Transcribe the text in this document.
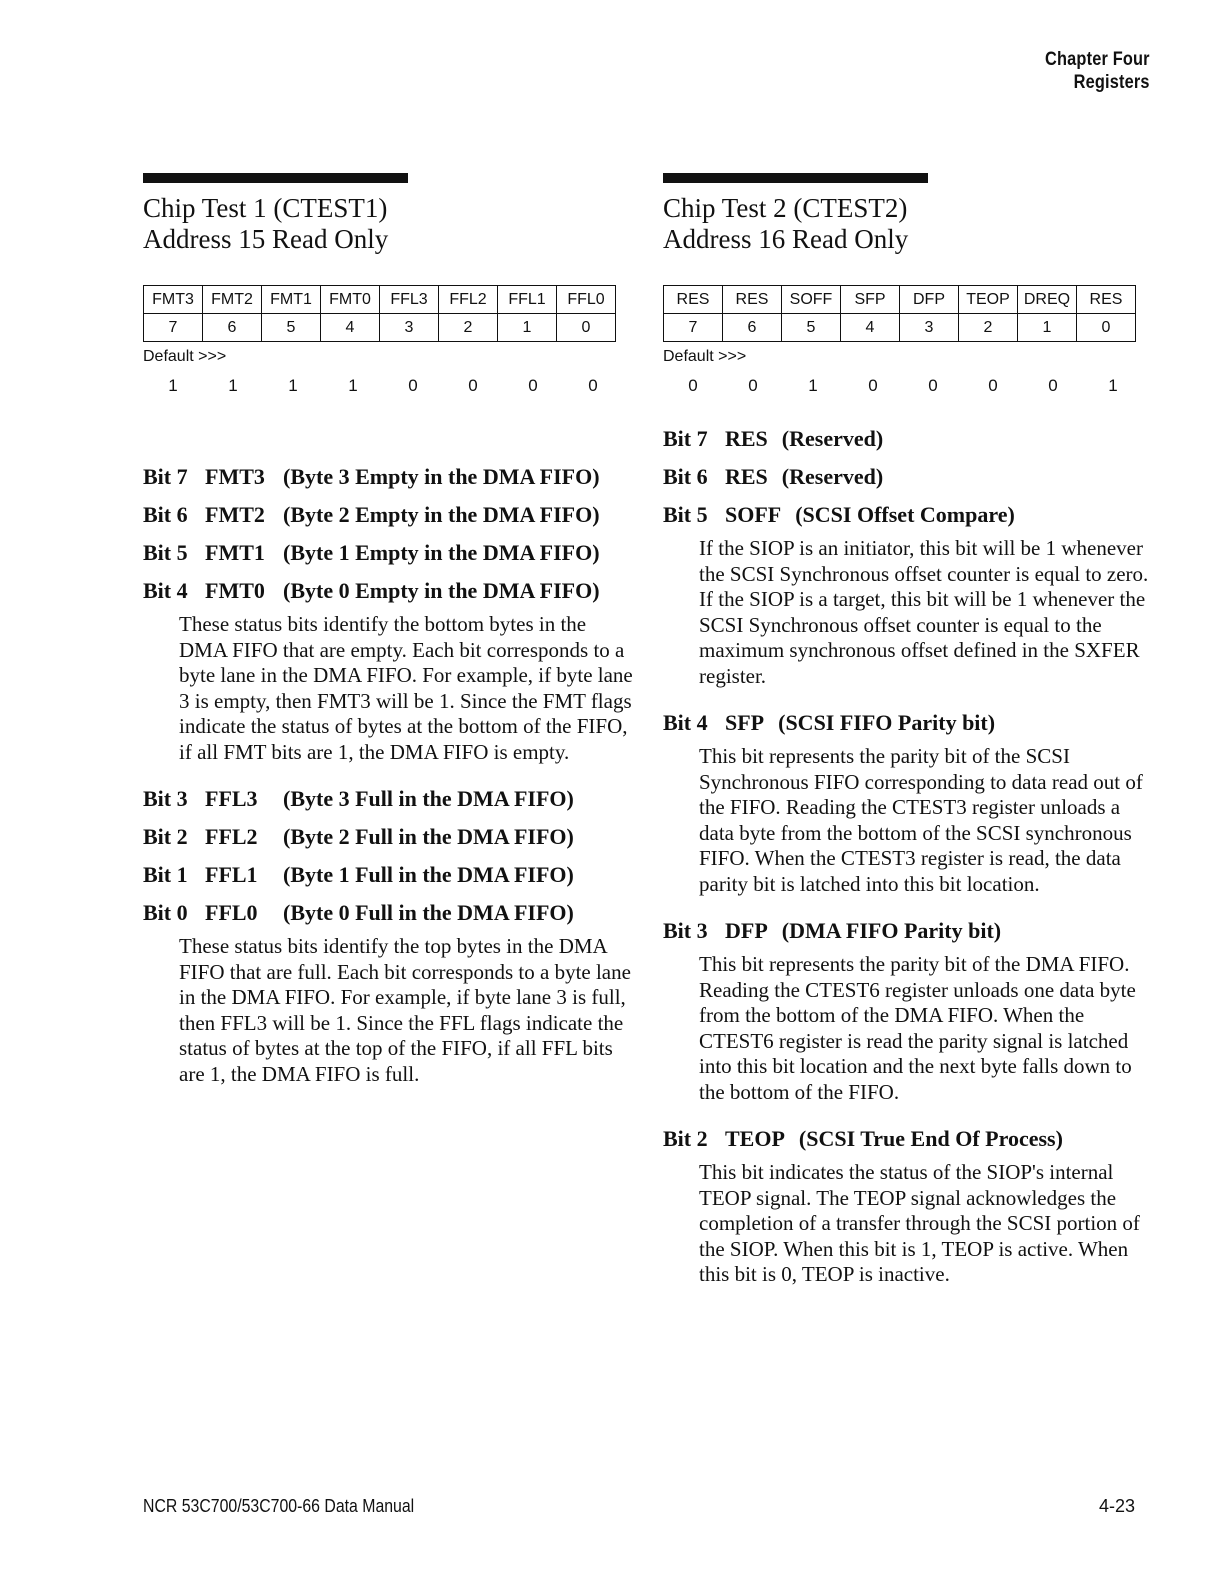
Chapter Four
Registers
Chip Test 1 (CTEST1)
Address 15 Read Only
FMT3	FMT2	FMT1	FMT0	FFL3	FFL2	FFL1	FFL0
7	6	5	4	3	2	1	0
Default >>>
1	1	1	1	0	0	0	0
Bit 7 FMT3 (Byte 3 Empty in the DMA FIFO)
Bit 6 FMT2 (Byte 2 Empty in the DMA FIFO)
Bit 5 FMT1 (Byte 1 Empty in the DMA FIFO)
Bit 4 FMT0 (Byte 0 Empty in the DMA FIFO)

These status bits identify the bottom bytes in the DMA FIFO that are empty. Each bit corresponds to a byte lane in the DMA FIFO. For example, if byte lane 3 is empty, then FMT3 will be 1. Since the FMT flags indicate the status of bytes at the bottom of the FIFO, if all FMT bits are 1, the DMA FIFO is empty.

Bit 3 FFL3	(Byte 3 Full in the DMA FIFO)
Bit 2 FFL2	(Byte 2 Full in the DMA FIFO)
Bit 1 FFL1	(Byte 1 Full in the DMA FIFO)
Bit 0 FFL0	(Byte 0 Full in the DMA FIFO)

These status bits identify the top bytes in the DMA FIFO that are full. Each bit corresponds to a byte lane in the DMA FIFO. For example, if byte lane 3 is full, then FFL3 will be 1. Since the FFL flags indicate the status of bytes at the top of the FIFO, if all FFL bits are 1, the DMA FIFO is full.

Chip Test 2 (CTEST2)
Address 16 Read Only
RES	RES	SOFF	SFP	DFP	TEOP	DREQ	RES
7	6	5	4	3	2	1	0
Default >>>
0	0	1	0	0	0	0	1
Bit 7 RES (Reserved)
Bit 6 RES (Reserved)
Bit 5 SOFF (SCSI Offset Compare)

If the SIOP is an initiator, this bit will be 1 whenever the SCSI Synchronous offset counter is equal to zero. If the SIOP is a target, this bit will be 1 whenever the SCSI Synchronous offset counter is equal to the maximum synchronous offset defined in the SXFER register.

Bit 4 SFP (SCSI FIFO Parity bit)

This bit represents the parity bit of the SCSI Synchronous FIFO corresponding to data read out of the FIFO. Reading the CTEST3 register unloads a data byte from the bottom of the SCSI synchronous FIFO. When the CTEST3 register is read, the data parity bit is latched into this bit location.

Bit 3 DFP (DMA FIFO Parity bit)

This bit represents the parity bit of the DMA FIFO. Reading the CTEST6 register unloads one data byte from the bottom of the DMA FIFO. When the CTEST6 register is read the parity signal is latched into this bit location and the next byte falls down to the bottom of the FIFO.

Bit 2 TEOP (SCSI True End Of Process)

This bit indicates the status of the SIOP's internal TEOP signal. The TEOP signal acknowledges the completion of a transfer through the SCSI portion of the SIOP. When this bit is 1, TEOP is active. When this bit is 0, TEOP is inactive.

NCR 53C700/53C700-66 Data Manual	4-23
